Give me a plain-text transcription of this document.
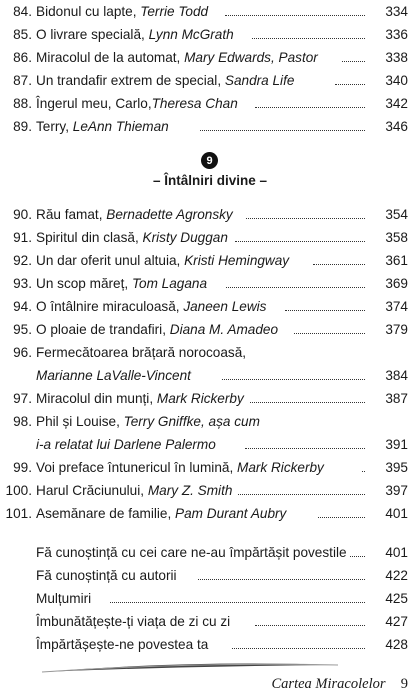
84. Bidonul cu lapte, Terrie Todd	334
85. O livrare specială, Lynn McGrath	336
86. Miracolul de la automat, Mary Edwards, Pastor	338
87. Un trandafir extrem de special, Sandra Life	340
88. Îngerul meu, Carlo,Theresa Chan	342
89. Terry, LeAnn Thieman	346
9
– Întâlniri divine –
90. Rău famat, Bernadette Agronsky	354
91. Spiritul din clasă, Kristy Duggan	358
92. Un dar oferit unul altuia, Kristi Hemingway	361
93. Un scop măreț, Tom Lagana	369
94. O întâlnire miraculoasă, Janeen Lewis	374
95. O ploaie de trandafiri, Diana M. Amadeo	379
96. Fermecătoarea brățară norocoasă,
Marianne LaValle-Vincent	384
97. Miracolul din munți, Mark Rickerby	387
98. Phil și Louise, Terry Gniffke, așa cum
i-a relatat lui Darlene Palermo	391
99. Voi preface întunericul în lumină, Mark Rickerby	395
100. Harul Crăciunului, Mary Z. Smith	397
101. Asemănare de familie, Pam Durant Aubry	401
Fă cunoștință cu cei care ne-au împărtășit povestile	401
Fă cunoștință cu autorii	422
Mulțumiri	425
Îmbunătățește-ți viața de zi cu zi	427
Împărtășește-ne povestea ta	428
Cartea Miracolelor 9
